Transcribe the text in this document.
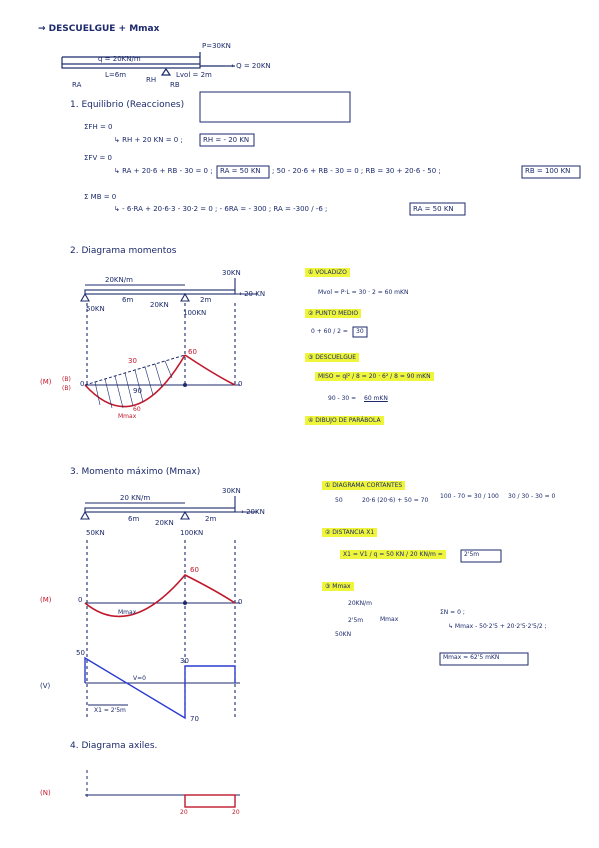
→ DESCUELGUE + Mmax
q = 20KN/m
P=30KN
L=6m	Lvol = 2m
→ Q = 20KN
RA
RH
RB
1. Equilibrio (Reacciones)
ΣFH = 0
↳ RH + 20 KN = 0 ;	RH = - 20 KN
ΣFV = 0
↳ RA + 20·6 + RB - 30 = 0 ; RA = 50 KN ; 50 - 20·6 + RB - 30 = 0 ; RB = 30 + 20·6 - 50 ;	RB = 100 KN
Σ MB = 0
↳ - 6·RA + 20·6·3 - 30·2 = 0 ; - 6RA = - 300 ; RA = -300 / -6 ;	RA = 50 KN
2. Diagrama momentos
20KN/m
30KN
6m	2m
→ 20 KN
50KN	20KN
100KN
(M) (B)
(B)
30
60
90
60
0	0
Mmax
① VOLADIZO
Mvol = P·L = 30 · 2 = 60 mKN
② PUNTO MEDIO
0 + 60 / 2 = 30
③ DESCUELGUE
MISO = ql² / 8 = 20 · 6² / 8 = 90 mKN
90 - 30 = 60 mKN
④ DIBUJO DE PARÁBOLA
3. Momento máximo (Mmax)
20 KN/m
30KN
6m	2m
→ 20KN
50KN
20KN
100KN
(M)
60
Mmax
0	0
(V)
50
30
70
V=0
X1 = 2'5m
① DIAGRAMA CORTANTES
50	20·6 (20·6) + 50 = 70
100 - 70 = 30 / 100 30 / 30 - 30 = 0
② DISTANCIA X1
X1 = V1 / q = 50 KN / 20 KN/m =	2'5m
③ Mmax
20KN/m
2'5m	Mmax
50KN
ΣN = 0 ;
↳ Mmax - 50·2'5 + 20·2'5·2'5/2 ;
Mmax = 62'5 mKN
4. Diagrama axiles.
(N)
20	20
